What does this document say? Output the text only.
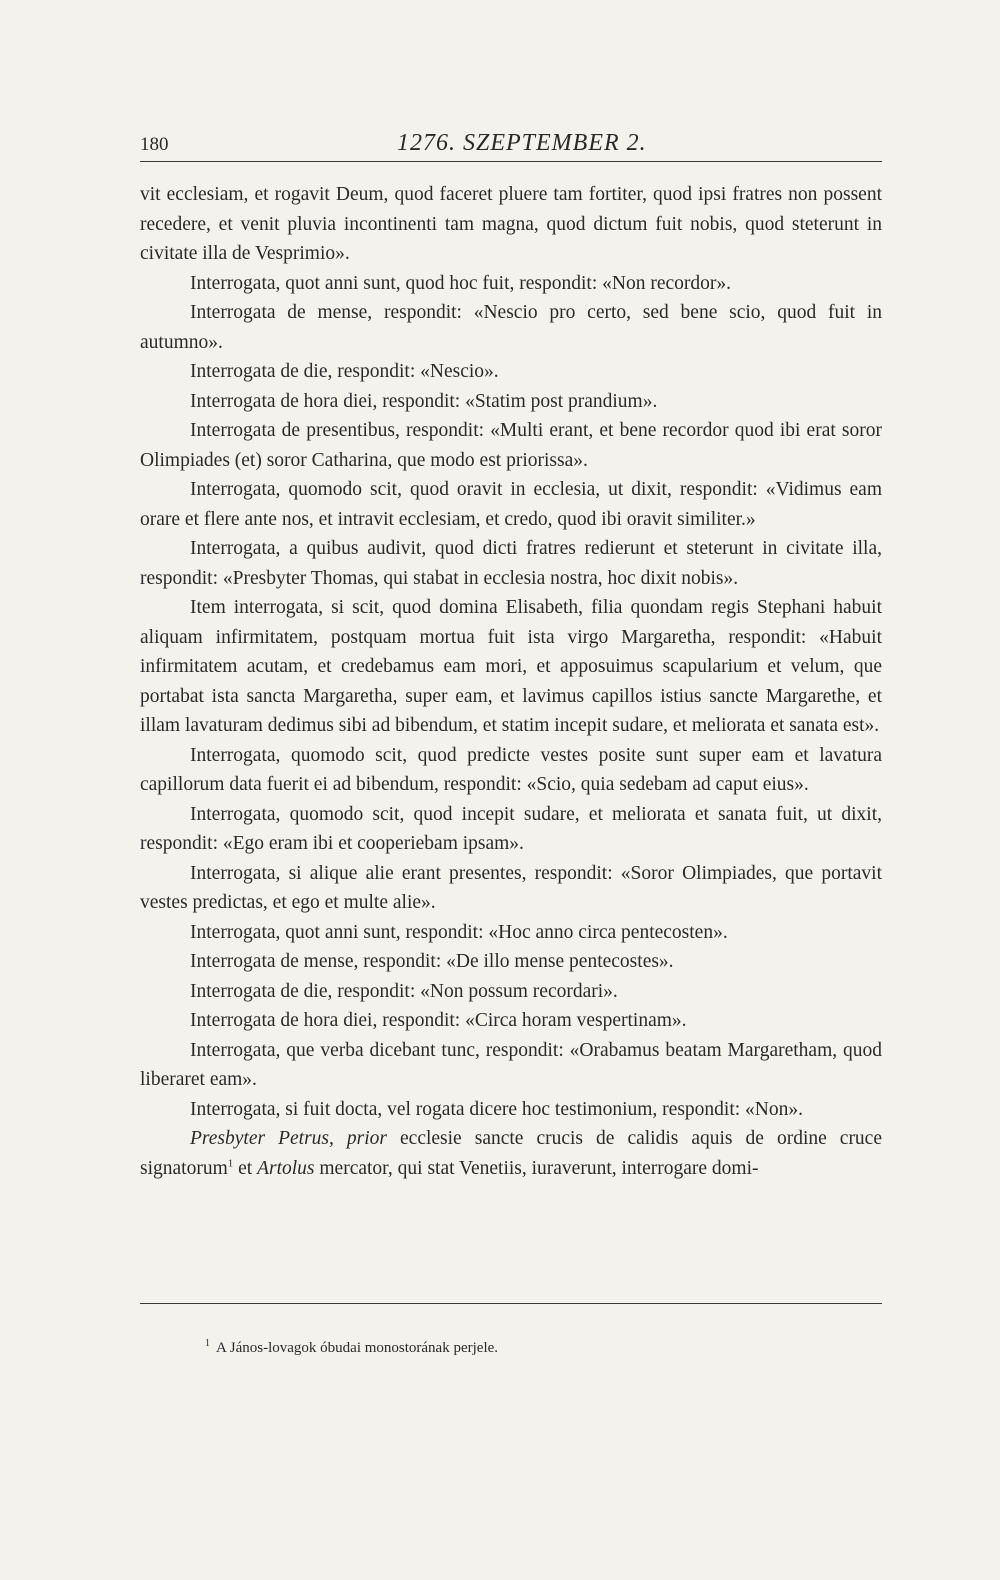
180	1276. SZEPTEMBER 2.

vit ecclesiam, et rogavit Deum, quod faceret pluere tam fortiter, quod ipsi fratres non possent recedere, et venit pluvia incontinenti tam magna, quod dictum fuit nobis, quod steterunt in civitate illa de Vesprimio».

Interrogata, quot anni sunt, quod hoc fuit, respondit: «Non recordor».

Interrogata de mense, respondit: «Nescio pro certo, sed bene scio, quod fuit in autumno».

Interrogata de die, respondit: «Nescio».

Interrogata de hora diei, respondit: «Statim post prandium».

Interrogata de presentibus, respondit: «Multi erant, et bene recordor quod ibi erat soror Olimpiades (et) soror Catharina, que modo est priorissa».

Interrogata, quomodo scit, quod oravit in ecclesia, ut dixit, respondit: «Vidimus eam orare et flere ante nos, et intravit ecclesiam, et credo, quod ibi oravit similiter.»

Interrogata, a quibus audivit, quod dicti fratres redierunt et steterunt in civitate illa, respondit: «Presbyter Thomas, qui stabat in ecclesia nostra, hoc dixit nobis».

Item interrogata, si scit, quod domina Elisabeth, filia quondam regis Stephani habuit aliquam infirmitatem, postquam mortua fuit ista virgo Margaretha, respondit: «Habuit infirmitatem acutam, et credebamus eam mori, et apposuimus scapularium et velum, que portabat ista sancta Margaretha, super eam, et lavimus capillos istius sancte Margarethe, et illam lavaturam dedimus sibi ad bibendum, et statim incepit sudare, et meliorata et sanata est».

Interrogata, quomodo scit, quod predicte vestes posite sunt super eam et lavatura capillorum data fuerit ei ad bibendum, respondit: «Scio, quia sedebam ad caput eius».

Interrogata, quomodo scit, quod incepit sudare, et meliorata et sanata fuit, ut dixit, respondit: «Ego eram ibi et cooperiebam ipsam».

Interrogata, si alique alie erant presentes, respondit: «Soror Olimpiades, que portavit vestes predictas, et ego et multe alie».

Interrogata, quot anni sunt, respondit: «Hoc anno circa pentecosten».

Interrogata de mense, respondit: «De illo mense pentecostes».

Interrogata de die, respondit: «Non possum recordari».

Interrogata de hora diei, respondit: «Circa horam vespertinam».

Interrogata, que verba dicebant tunc, respondit: «Orabamus beatam Margaretham, quod liberaret eam».

Interrogata, si fuit docta, vel rogata dicere hoc testimonium, respondit: «Non».

Presbyter Petrus, prior ecclesie sancte crucis de calidis aquis de ordine cruce signatorum$^1$ et Artolus mercator, qui stat Venetiis, iuraverunt, interrogare domi-

$^1$ A János-lovagok óbudai monostorának perjele.
